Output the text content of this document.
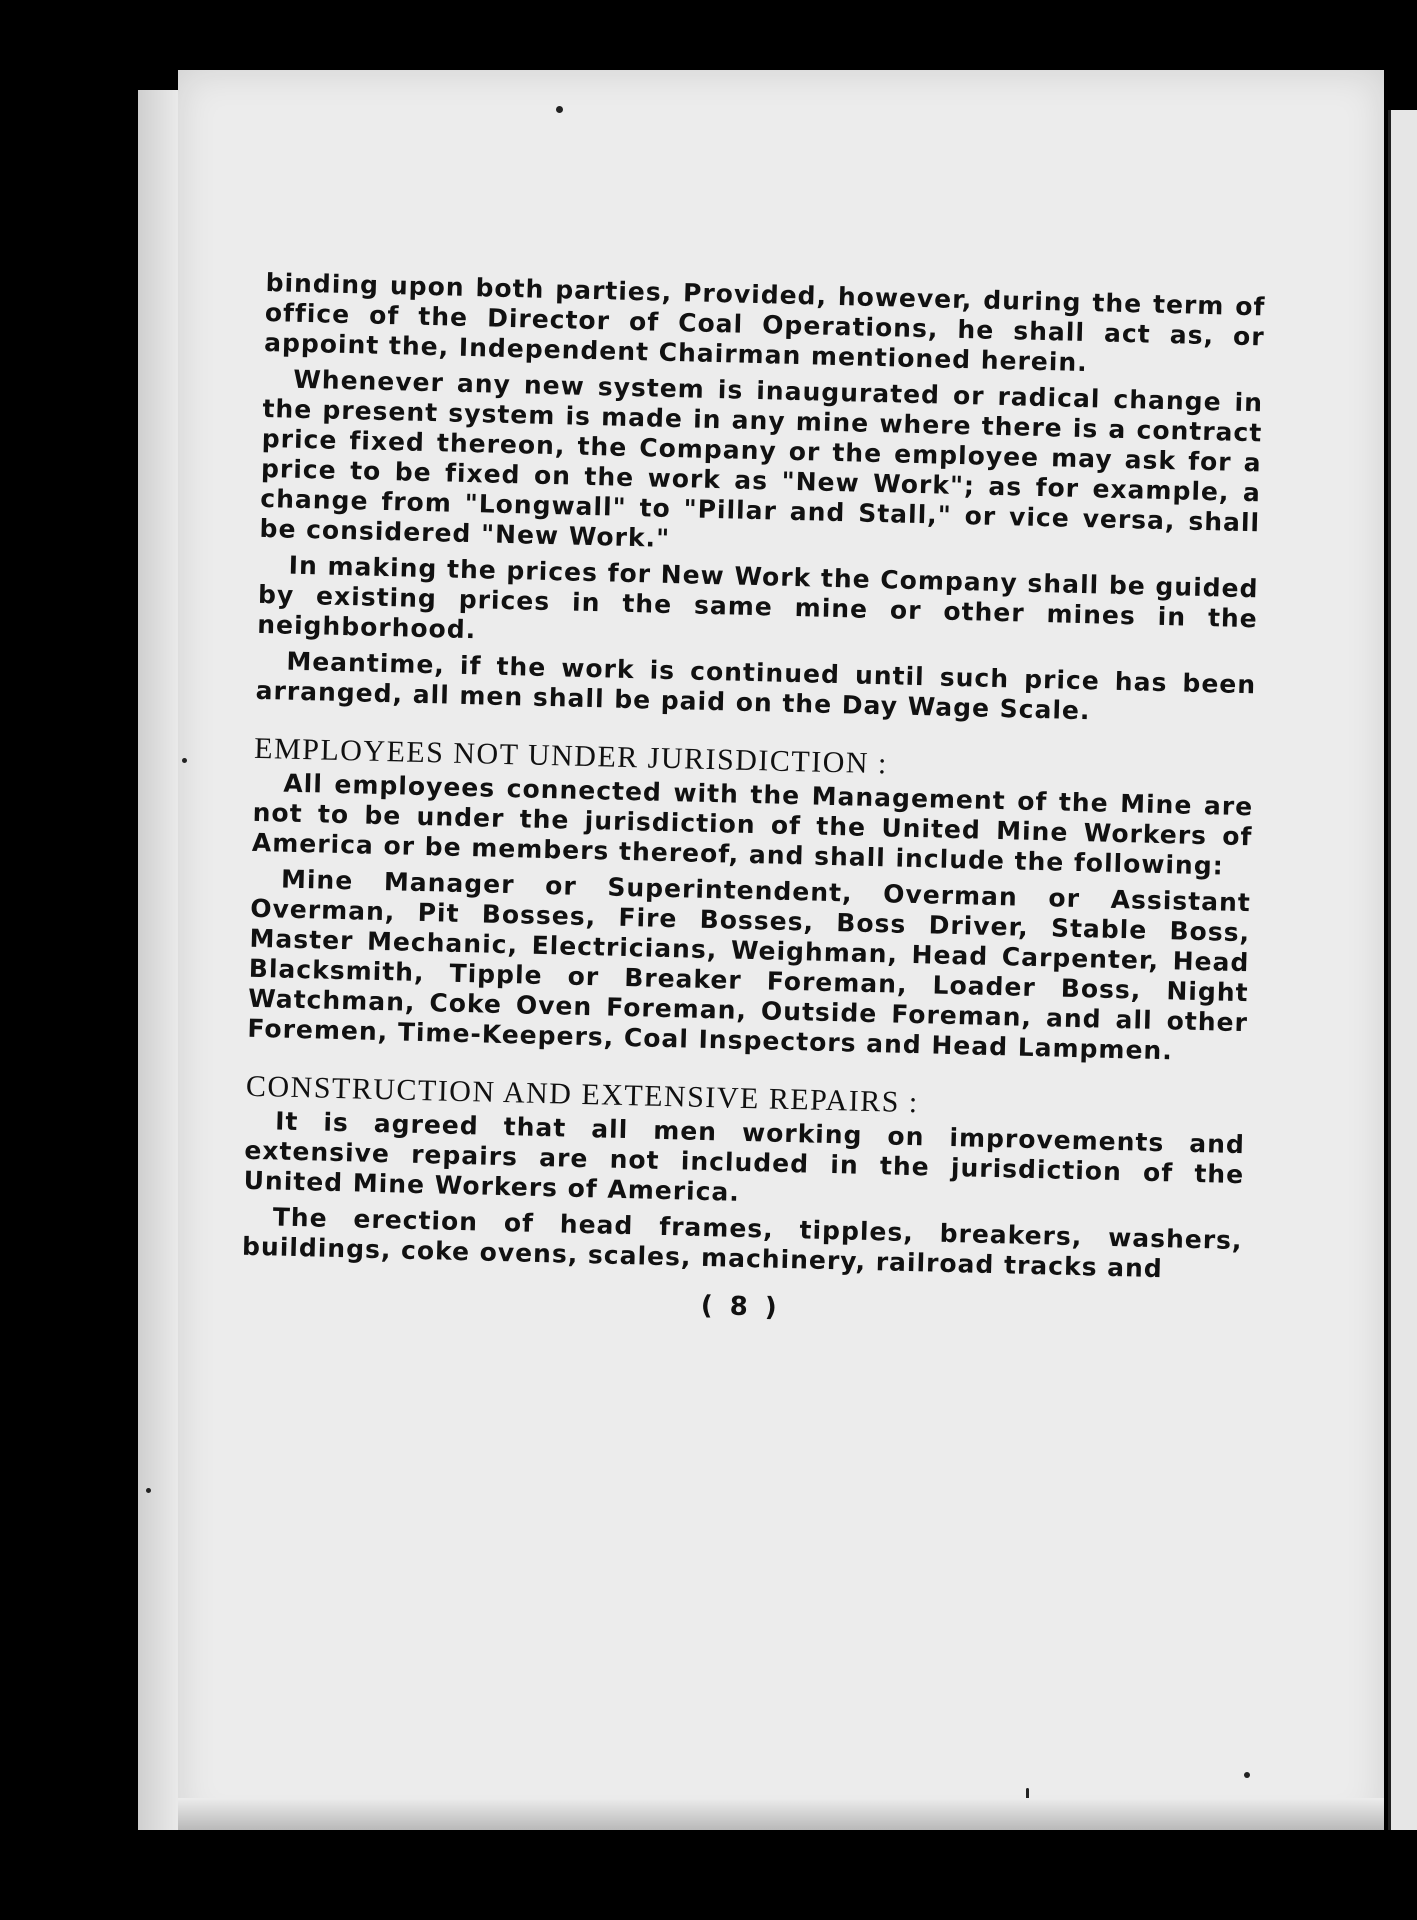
binding upon both parties, Provided, however, during the term of office of the Director of Coal Operations, he shall act as, or appoint the, Independent Chairman mentioned herein.

Whenever any new system is inaugurated or radical change in the present system is made in any mine where there is a contract price fixed thereon, the Company or the employee may ask for a price to be fixed on the work as "New Work"; as for example, a change from "Longwall" to "Pillar and Stall," or vice versa, shall be considered "New Work."

In making the prices for New Work the Company shall be guided by existing prices in the same mine or other mines in the neighborhood.

Meantime, if the work is continued until such price has been arranged, all men shall be paid on the Day Wage Scale.

EMPLOYEES NOT UNDER JURISDICTION :

All employees connected with the Management of the Mine are not to be under the jurisdiction of the United Mine Workers of America or be members thereof, and shall include the following:

Mine Manager or Superintendent, Overman or Assistant Overman, Pit Bosses, Fire Bosses, Boss Driver, Stable Boss, Master Mechanic, Electricians, Weighman, Head Carpenter, Head Blacksmith, Tipple or Breaker Foreman, Loader Boss, Night Watchman, Coke Oven Foreman, Outside Foreman, and all other Foremen, Time-Keepers, Coal Inspectors and Head Lampmen.

CONSTRUCTION AND EXTENSIVE REPAIRS :

It is agreed that all men working on improvements and extensive repairs are not included in the jurisdiction of the United Mine Workers of America.

The erection of head frames, tipples, breakers, washers, buildings, coke ovens, scales, machinery, railroad tracks and

( 8 )
